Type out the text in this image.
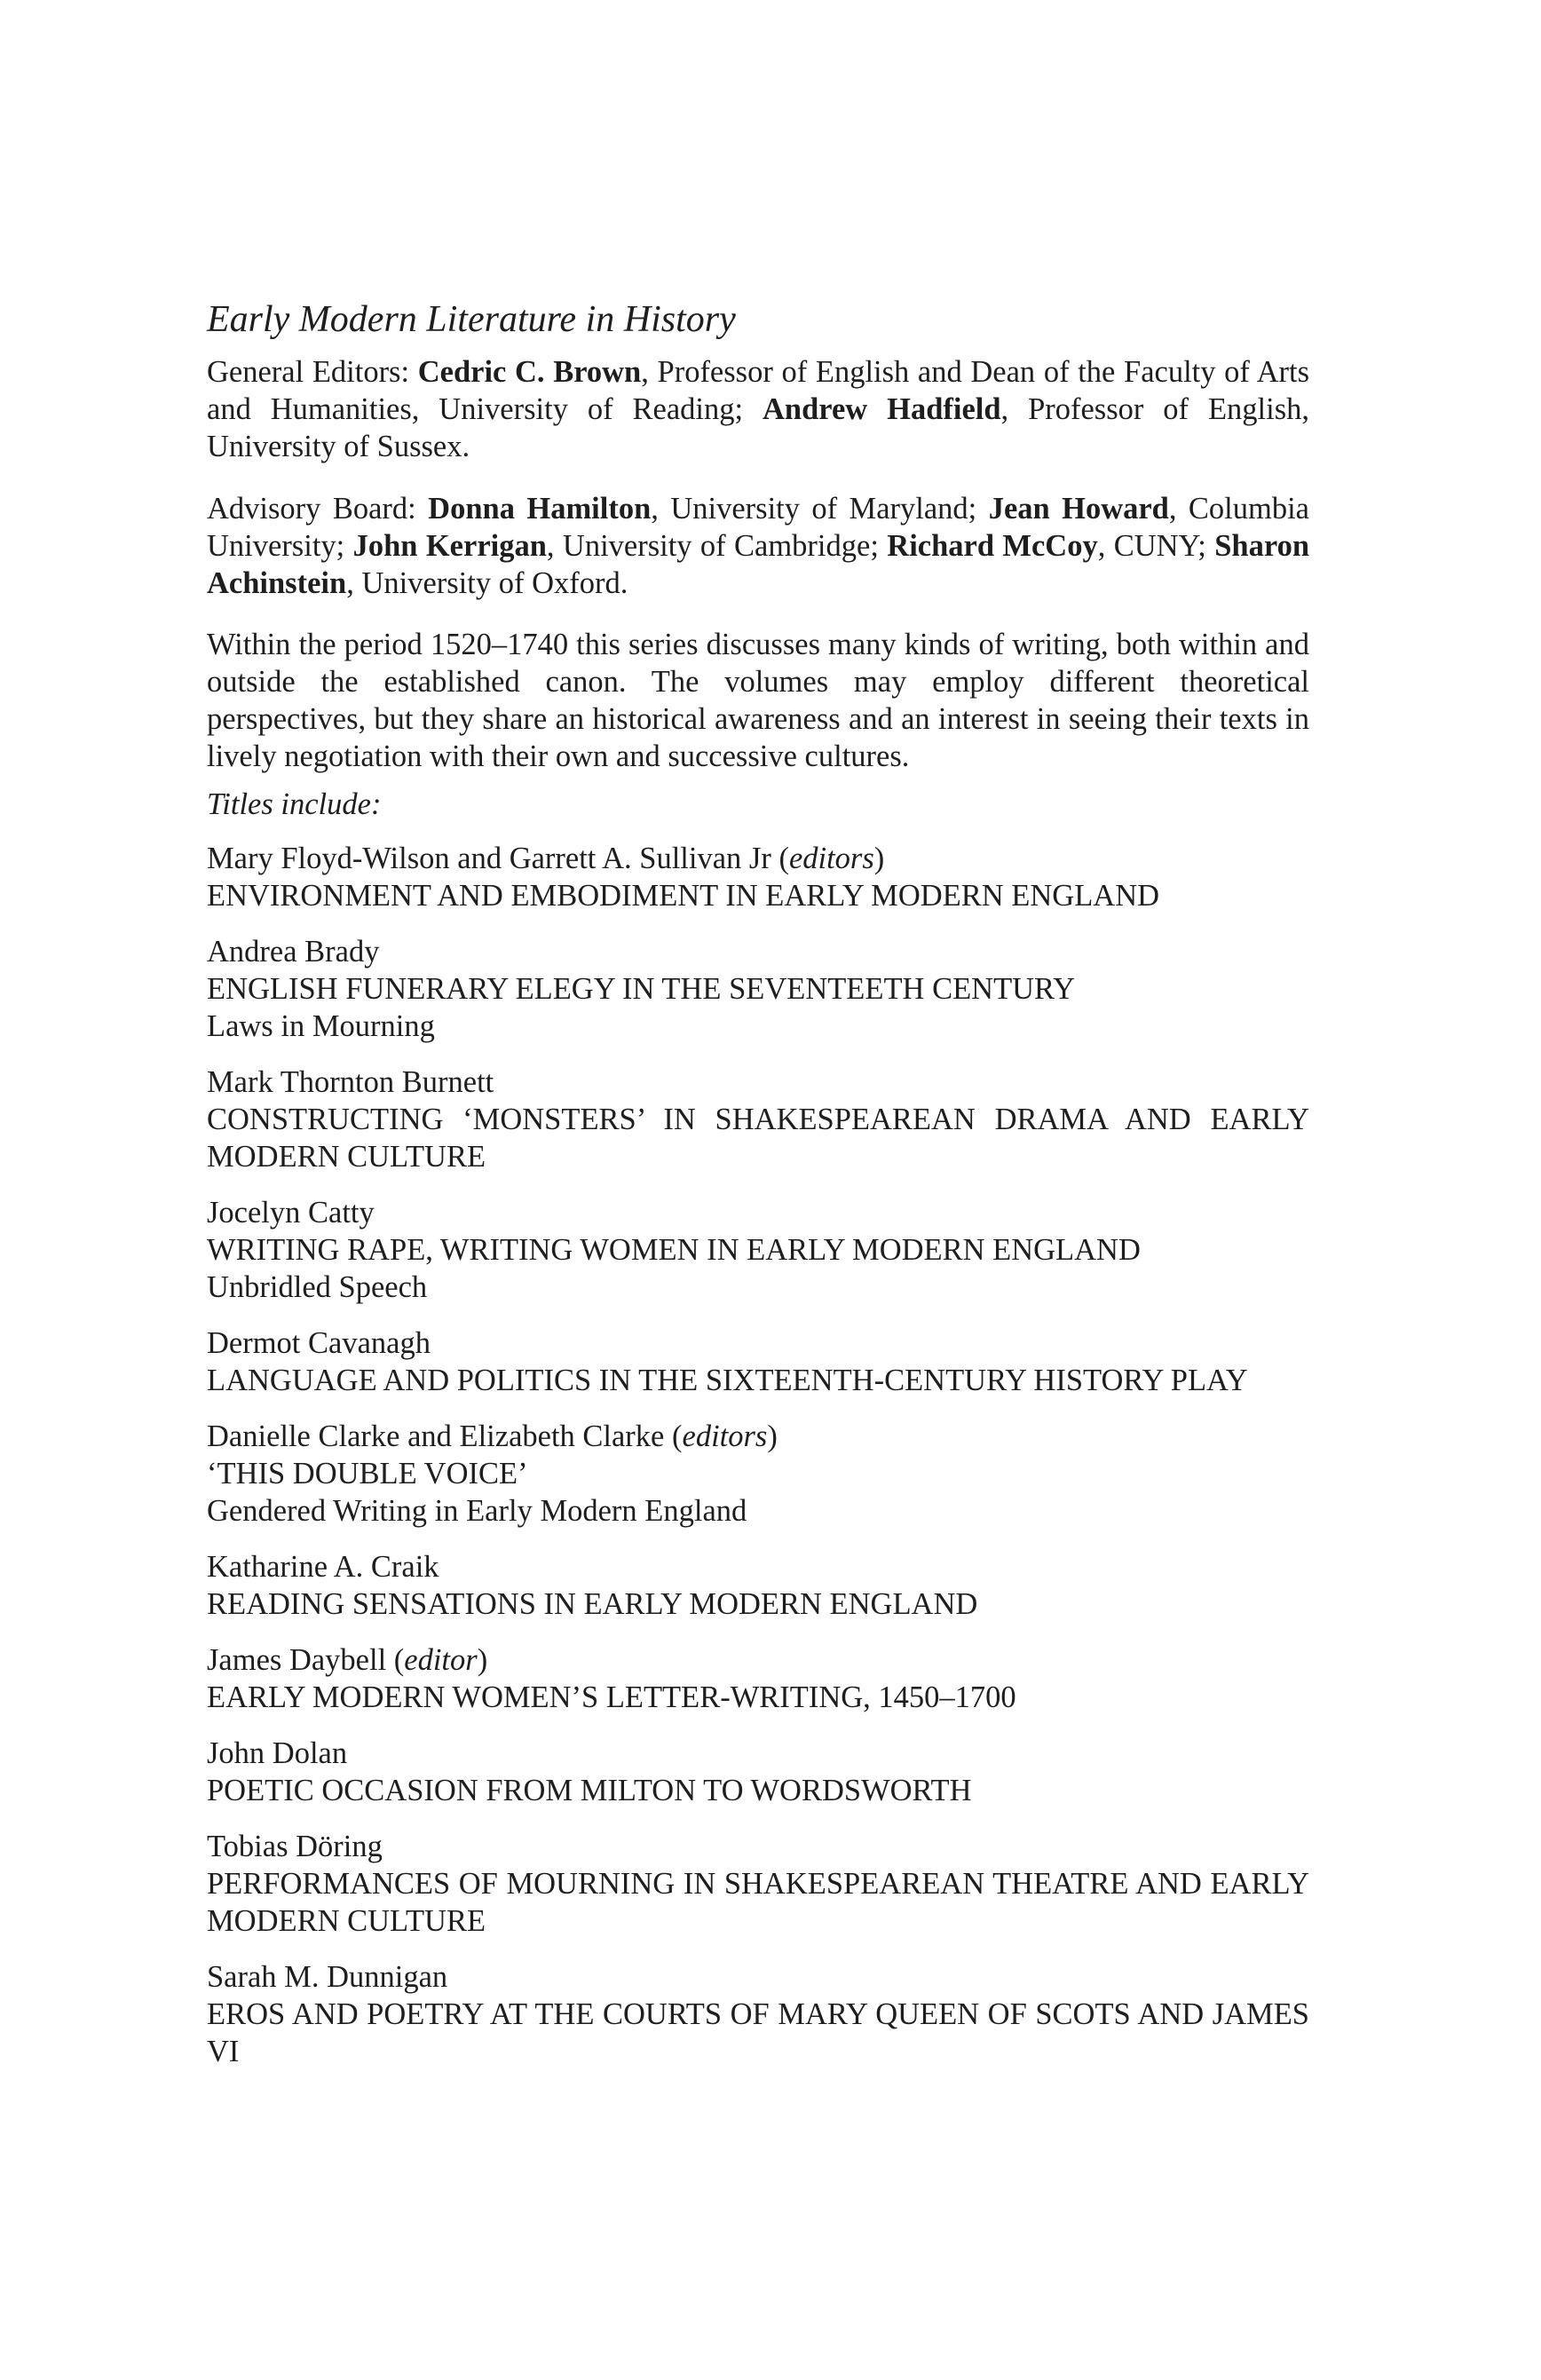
Early Modern Literature in History

General Editors: Cedric C. Brown, Professor of English and Dean of the Faculty of Arts and Humanities, University of Reading; Andrew Hadfield, Professor of English, University of Sussex.

Advisory Board: Donna Hamilton, University of Maryland; Jean Howard, Columbia University; John Kerrigan, University of Cambridge; Richard McCoy, CUNY; Sharon Achinstein, University of Oxford.

Within the period 1520–1740 this series discusses many kinds of writing, both within and outside the established canon. The volumes may employ different theoretical perspectives, but they share an historical awareness and an interest in seeing their texts in lively negotiation with their own and successive cultures.

Titles include:

Mary Floyd-Wilson and Garrett A. Sullivan Jr (editors)
ENVIRONMENT AND EMBODIMENT IN EARLY MODERN ENGLAND
Andrea Brady
ENGLISH FUNERARY ELEGY IN THE SEVENTEETH CENTURY
Laws in Mourning
Mark Thornton Burnett
CONSTRUCTING ‘MONSTERS’ IN SHAKESPEAREAN DRAMA AND EARLY MODERN CULTURE
Jocelyn Catty
WRITING RAPE, WRITING WOMEN IN EARLY MODERN ENGLAND
Unbridled Speech
Dermot Cavanagh
LANGUAGE AND POLITICS IN THE SIXTEENTH-CENTURY HISTORY PLAY
Danielle Clarke and Elizabeth Clarke (editors)
‘THIS DOUBLE VOICE’
Gendered Writing in Early Modern England
Katharine A. Craik
READING SENSATIONS IN EARLY MODERN ENGLAND
James Daybell (editor)
EARLY MODERN WOMEN’S LETTER-WRITING, 1450–1700
John Dolan
POETIC OCCASION FROM MILTON TO WORDSWORTH
Tobias Döring
PERFORMANCES OF MOURNING IN SHAKESPEAREAN THEATRE AND EARLY MODERN CULTURE
Sarah M. Dunnigan
EROS AND POETRY AT THE COURTS OF MARY QUEEN OF SCOTS AND JAMES VI
